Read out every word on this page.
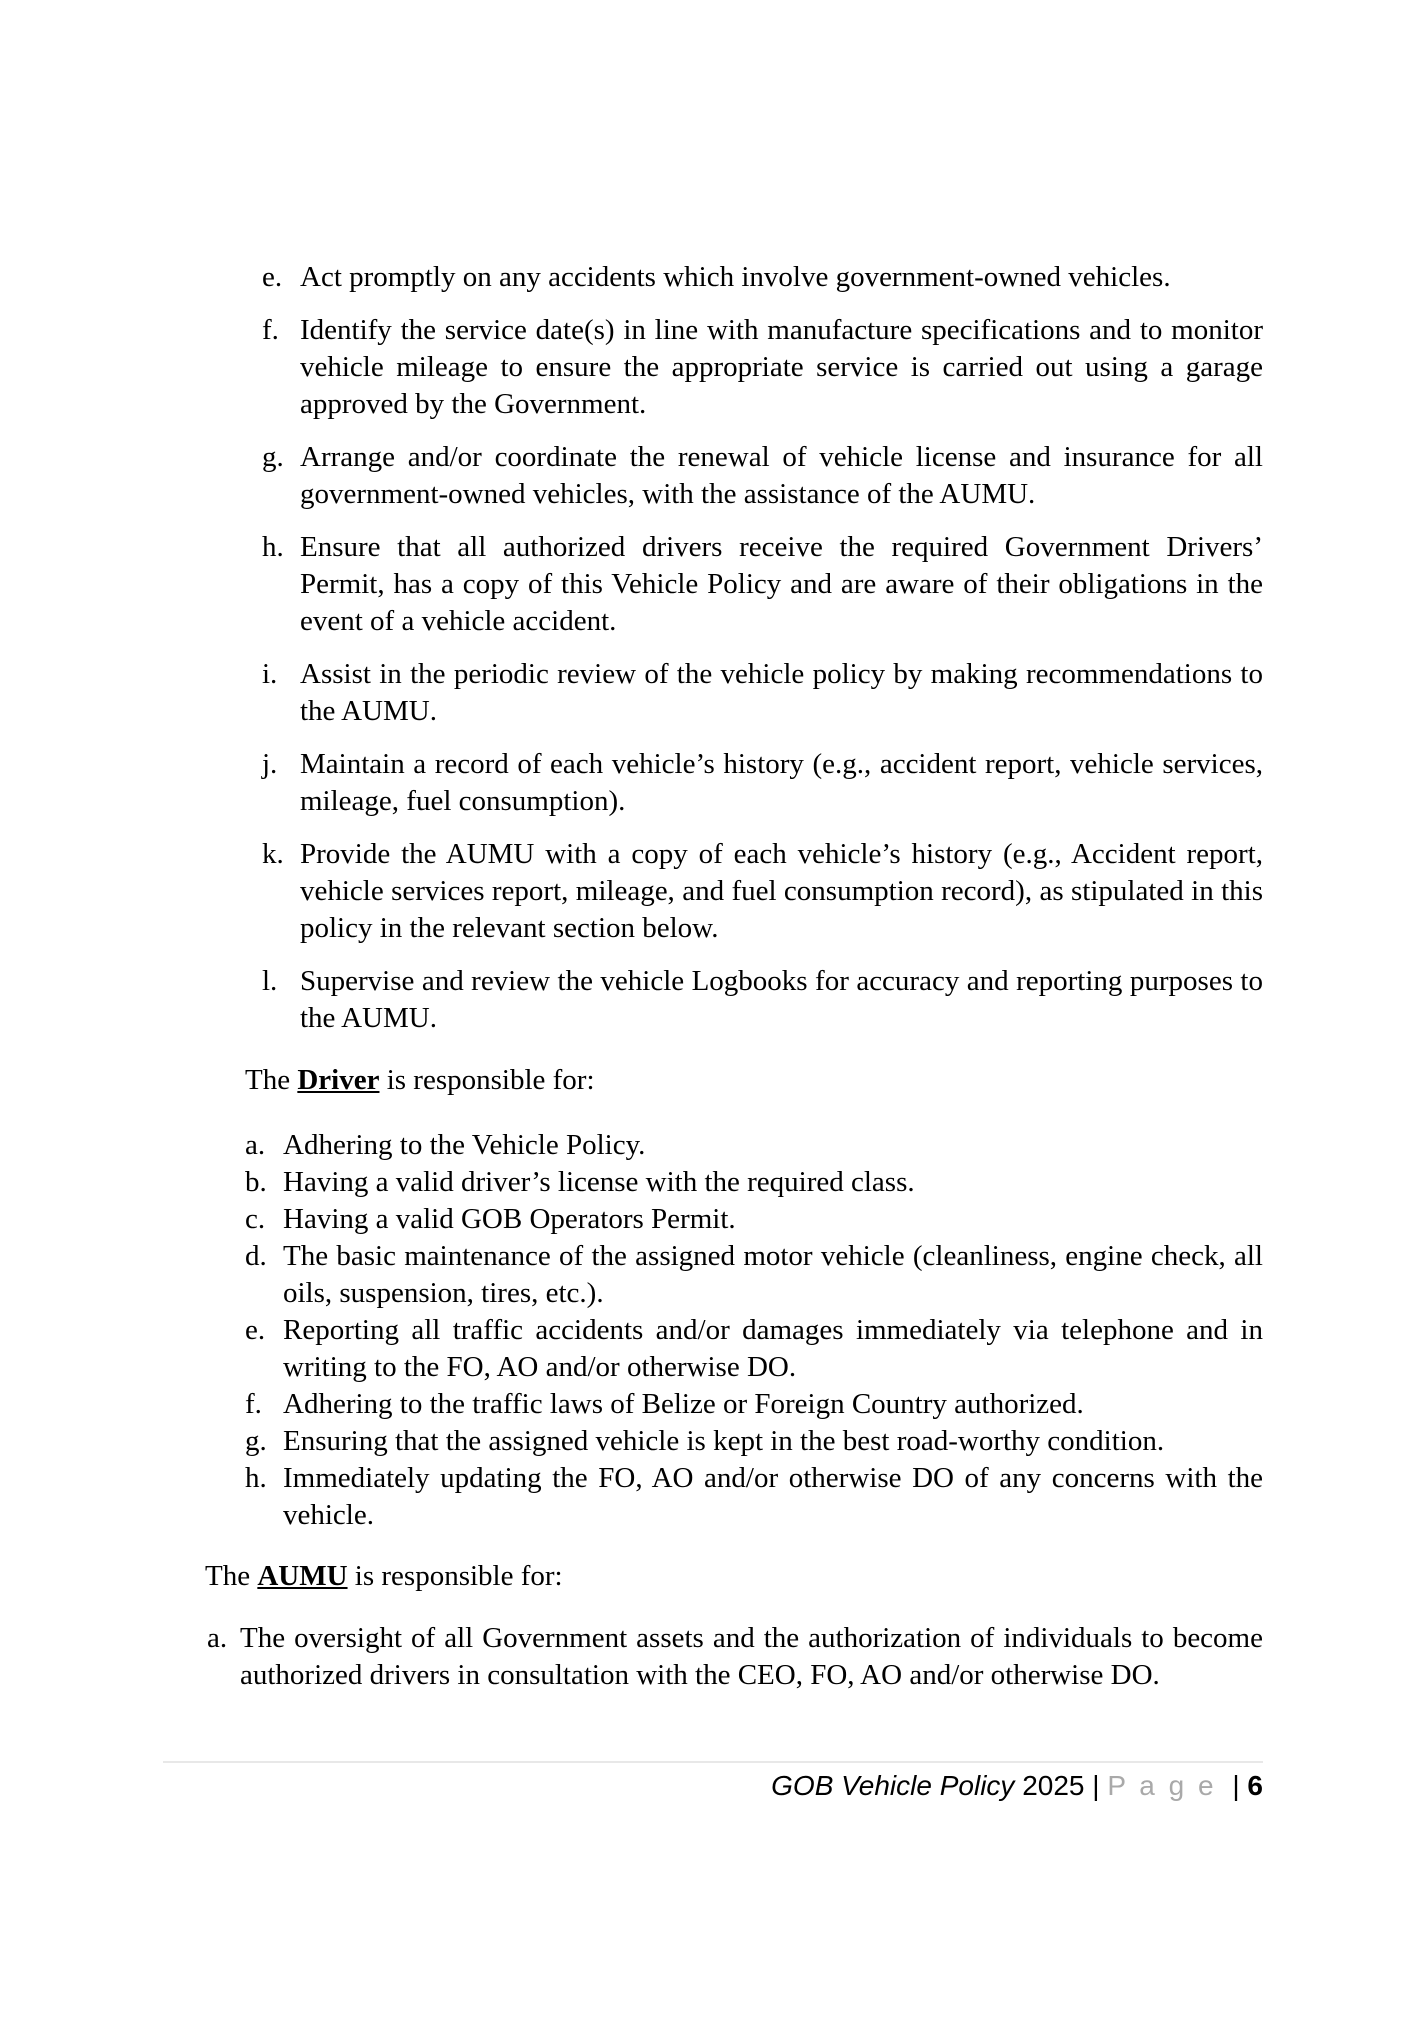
e. Act promptly on any accidents which involve government-owned vehicles.
f. Identify the service date(s) in line with manufacture specifications and to monitor vehicle mileage to ensure the appropriate service is carried out using a garage approved by the Government.
g. Arrange and/or coordinate the renewal of vehicle license and insurance for all government-owned vehicles, with the assistance of the AUMU.
h. Ensure that all authorized drivers receive the required Government Drivers’ Permit, has a copy of this Vehicle Policy and are aware of their obligations in the event of a vehicle accident.
i. Assist in the periodic review of the vehicle policy by making recommendations to the AUMU.
j. Maintain a record of each vehicle’s history (e.g., accident report, vehicle services, mileage, fuel consumption).
k. Provide the AUMU with a copy of each vehicle’s history (e.g., Accident report, vehicle services report, mileage, and fuel consumption record), as stipulated in this policy in the relevant section below.
l. Supervise and review the vehicle Logbooks for accuracy and reporting purposes to the AUMU.
The Driver is responsible for:
a. Adhering to the Vehicle Policy.
b. Having a valid driver’s license with the required class.
c. Having a valid GOB Operators Permit.
d. The basic maintenance of the assigned motor vehicle (cleanliness, engine check, all oils, suspension, tires, etc.).
e. Reporting all traffic accidents and/or damages immediately via telephone and in writing to the FO, AO and/or otherwise DO.
f. Adhering to the traffic laws of Belize or Foreign Country authorized.
g. Ensuring that the assigned vehicle is kept in the best road-worthy condition.
h. Immediately updating the FO, AO and/or otherwise DO of any concerns with the vehicle.
The AUMU is responsible for:
a. The oversight of all Government assets and the authorization of individuals to become authorized drivers in consultation with the CEO, FO, AO and/or otherwise DO.
GOB Vehicle Policy 2025 | P a g e | 6
